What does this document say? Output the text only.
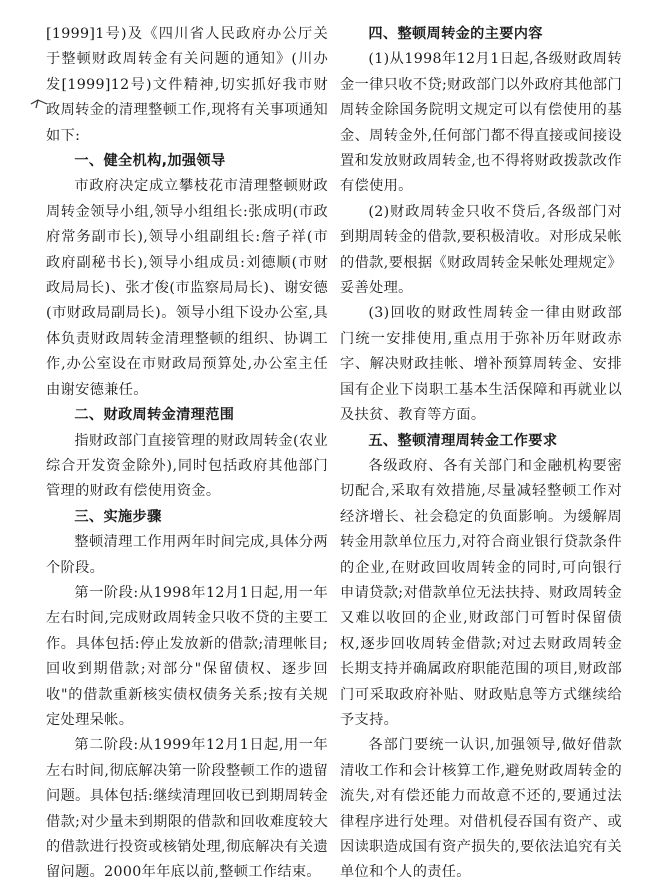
[1999]1号)及《四川省人民政府办公厅关于整顿财政周转金有关问题的通知》(川办发[1999]12号)文件精神,切实抓好我市财政周转金的清理整顿工作,现将有关事项通知如下:

一、健全机构,加强领导

市政府决定成立攀枝花市清理整顿财政周转金领导小组,领导小组组长:张成明(市政府常务副市长),领导小组副组长:詹子祥(市政府副秘书长),领导小组成员:刘德顺(市财政局局长)、张才俊(市监察局局长)、谢安德(市财政局副局长)。领导小组下设办公室,具体负责财政周转金清理整顿的组织、协调工作,办公室设在市财政局预算处,办公室主任由谢安德兼任。

二、财政周转金清理范围

指财政部门直接管理的财政周转金(农业综合开发资金除外),同时包括政府其他部门管理的财政有偿使用资金。

三、实施步骤

整顿清理工作用两年时间完成,具体分两个阶段。

第一阶段:从1998年12月1日起,用一年左右时间,完成财政周转金只收不贷的主要工作。具体包括:停止发放新的借款;清理帐目;回收到期借款;对部分"保留债权、逐步回收"的借款重新核实债权债务关系;按有关规定处理呆帐。

第二阶段:从1999年12月1日起,用一年左右时间,彻底解决第一阶段整顿工作的遗留问题。具体包括:继续清理回收已到期周转金借款;对少量未到期限的借款和回收难度较大的借款进行投资或核销处理,彻底解决有关遗留问题。2000年年底以前,整顿工作结束。

四、整顿周转金的主要内容

(1)从1998年12月1日起,各级财政周转金一律只收不贷;财政部门以外政府其他部门周转金除国务院明文规定可以有偿使用的基金、周转金外,任何部门都不得直接或间接设置和发放财政周转金,也不得将财政拨款改作有偿使用。

(2)财政周转金只收不贷后,各级部门对到期周转金的借款,要积极清收。对形成呆帐的借款,要根据《财政周转金呆帐处理规定》妥善处理。

(3)回收的财政性周转金一律由财政部门统一安排使用,重点用于弥补历年财政赤字、解决财政挂帐、增补预算周转金、安排国有企业下岗职工基本生活保障和再就业以及扶贫、教育等方面。

五、整顿清理周转金工作要求

各级政府、各有关部门和金融机构要密切配合,采取有效措施,尽量减轻整顿工作对经济增长、社会稳定的负面影响。为缓解周转金用款单位压力,对符合商业银行贷款条件的企业,在财政回收周转金的同时,可向银行申请贷款;对借款单位无法扶持、财政周转金又难以收回的企业,财政部门可暂时保留债权,逐步回收周转金借款;对过去财政周转金长期支持并确属政府职能范围的项目,财政部门可采取政府补贴、财政贴息等方式继续给予支持。

各部门要统一认识,加强领导,做好借款清收工作和会计核算工作,避免财政周转金的流失,对有偿还能力而故意不还的,要通过法律程序进行处理。对借机侵吞国有资产、或因读职造成国有资产损失的,要依法追究有关单位和个人的责任。
